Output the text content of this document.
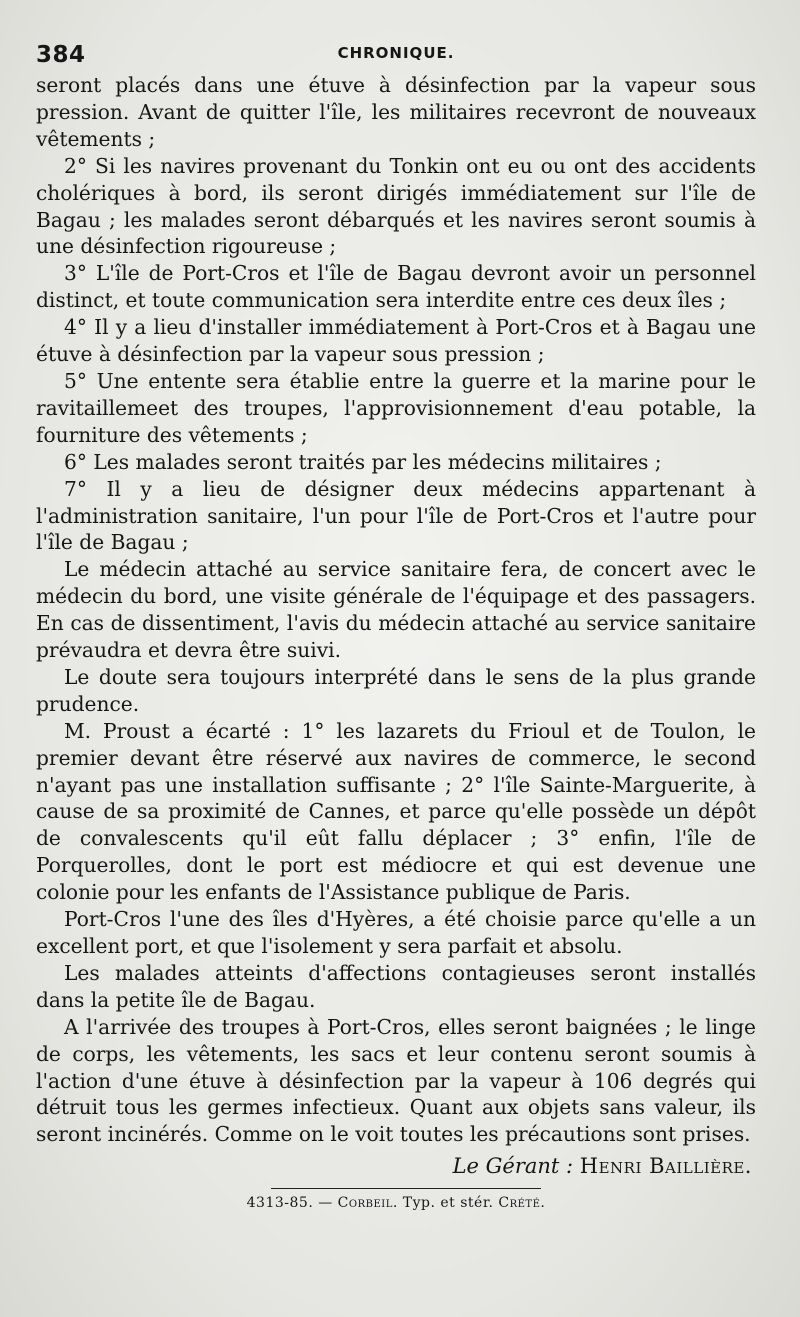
384	CHRONIQUE.

seront placés dans une étuve à désinfection par la vapeur sous pression. Avant de quitter l'île, les militaires recevront de nouveaux vêtements ;

2° Si les navires provenant du Tonkin ont eu ou ont des accidents cholériques à bord, ils seront dirigés immédiatement sur l'île de Bagau ; les malades seront débarqués et les navires seront soumis à une désinfection rigoureuse ;

3° L'île de Port-Cros et l'île de Bagau devront avoir un personnel distinct, et toute communication sera interdite entre ces deux îles ;

4° Il y a lieu d'installer immédiatement à Port-Cros et à Bagau une étuve à désinfection par la vapeur sous pression ;

5° Une entente sera établie entre la guerre et la marine pour le ravitaillemeet des troupes, l'approvisionnement d'eau potable, la fourniture des vêtements ;

6° Les malades seront traités par les médecins militaires ;

7° Il y a lieu de désigner deux médecins appartenant à l'administration sanitaire, l'un pour l'île de Port-Cros et l'autre pour l'île de Bagau ;

Le médecin attaché au service sanitaire fera, de concert avec le médecin du bord, une visite générale de l'équipage et des passagers. En cas de dissentiment, l'avis du médecin attaché au service sanitaire prévaudra et devra être suivi.

Le doute sera toujours interprété dans le sens de la plus grande prudence.

M. Proust a écarté : 1° les lazarets du Frioul et de Toulon, le premier devant être réservé aux navires de commerce, le second n'ayant pas une installation suffisante ; 2° l'île Sainte-Marguerite, à cause de sa proximité de Cannes, et parce qu'elle possède un dépôt de convalescents qu'il eût fallu déplacer ; 3° enfin, l'île de Porquerolles, dont le port est médiocre et qui est devenue une colonie pour les enfants de l'Assistance publique de Paris.

Port-Cros l'une des îles d'Hyères, a été choisie parce qu'elle a un excellent port, et que l'isolement y sera parfait et absolu.

Les malades atteints d'affections contagieuses seront installés dans la petite île de Bagau.

A l'arrivée des troupes à Port-Cros, elles seront baignées ; le linge de corps, les vêtements, les sacs et leur contenu seront soumis à l'action d'une étuve à désinfection par la vapeur à 106 degrés qui détruit tous les germes infectieux. Quant aux objets sans valeur, ils seront incinérés. Comme on le voit toutes les précautions sont prises.

Le Gérant : Henri Baillière.
4313-85. — Corbeil. Typ. et stér. Crété.
